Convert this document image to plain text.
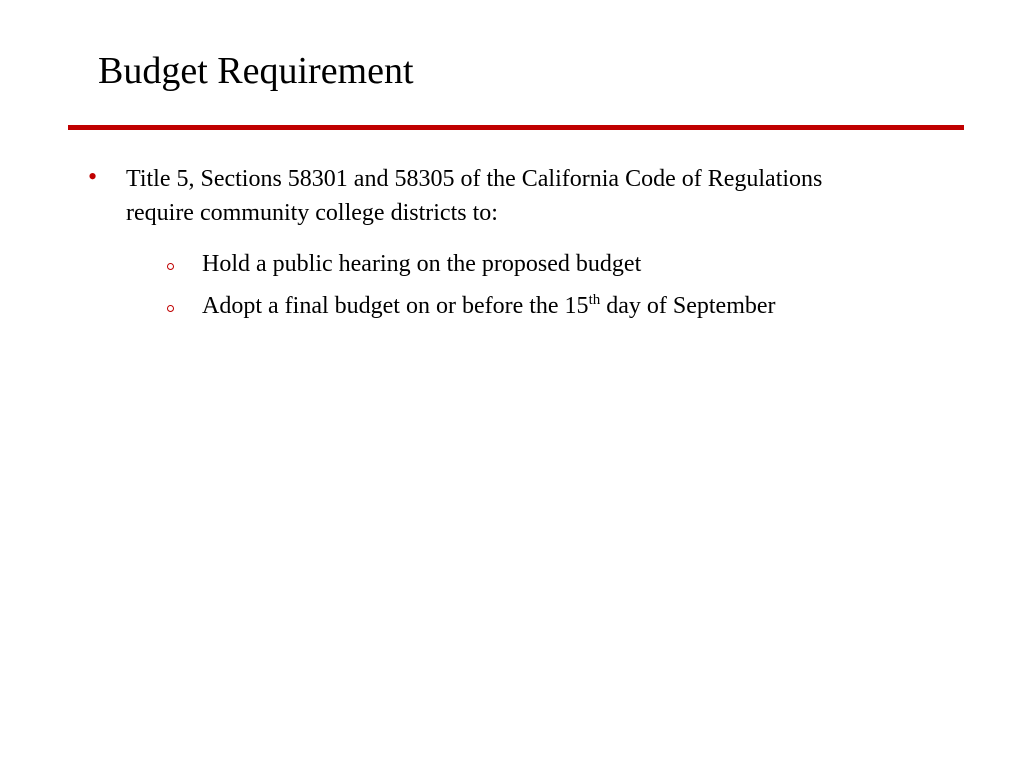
Budget Requirement
• Title 5, Sections 58301 and 58305 of the California Code of Regulations require community college districts to:
Hold a public hearing on the proposed budget
Adopt a final budget on or before the 15th day of September
